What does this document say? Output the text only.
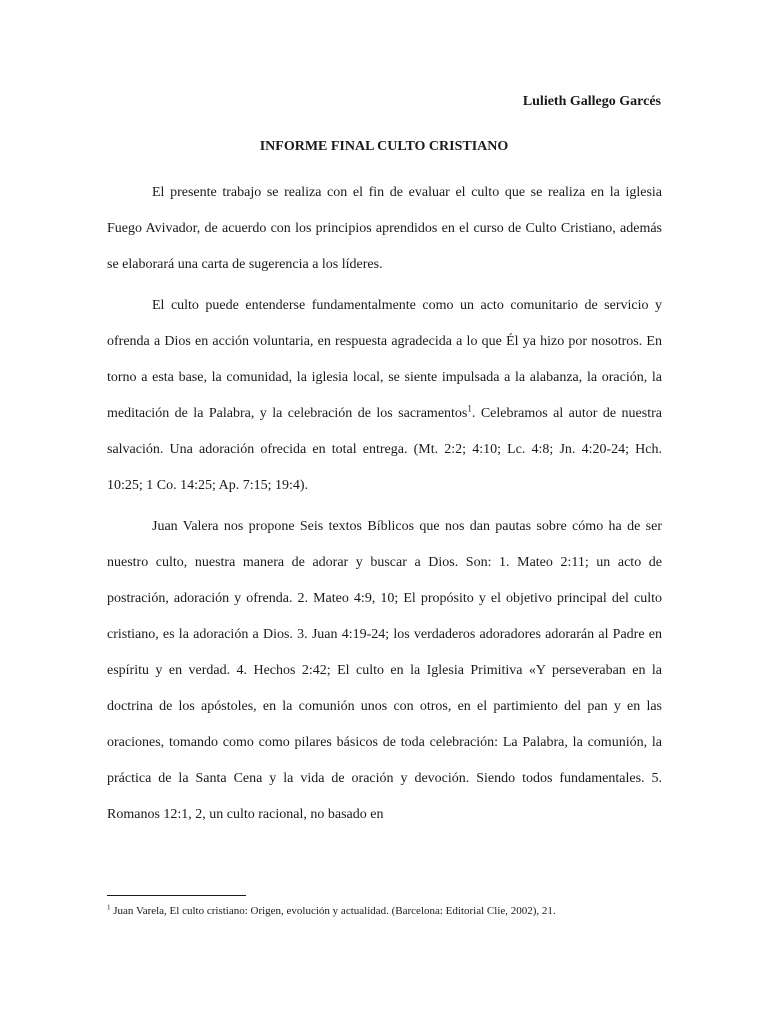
Lulieth Gallego Garcés
INFORME FINAL CULTO CRISTIANO

El presente trabajo se realiza con el fin de evaluar el culto que se realiza en la iglesia Fuego Avivador, de acuerdo con los principios aprendidos en el curso de Culto Cristiano, además se elaborará una carta de sugerencia a los líderes.

El culto puede entenderse fundamentalmente como un acto comunitario de servicio y ofrenda a Dios en acción voluntaria, en respuesta agradecida a lo que Él ya hizo por nosotros. En torno a esta base, la comunidad, la iglesia local, se siente impulsada a la alabanza, la oración, la meditación de la Palabra, y la celebración de los sacramentos$^1$. Celebramos al autor de nuestra salvación. Una adoración ofrecida en total entrega. (Mt. 2:2; 4:10; Lc. 4:8; Jn. 4:20-24; Hch. 10:25; 1 Co. 14:25; Ap. 7:15; 19:4).

Juan Valera nos propone Seis textos Bíblicos que nos dan pautas sobre cómo ha de ser nuestro culto, nuestra manera de adorar y buscar a Dios. Son: 1. Mateo 2:11; un acto de postración, adoración y ofrenda. 2. Mateo 4:9, 10; El propósito y el objetivo principal del culto cristiano, es la adoración a Dios. 3. Juan 4:19-24; los verdaderos adoradores adorarán al Padre en espíritu y en verdad. 4. Hechos 2:42; El culto en la Iglesia Primitiva «Y perseveraban en la doctrina de los apóstoles, en la comunión unos con otros, en el partimiento del pan y en las oraciones, tomando como como pilares básicos de toda celebración: La Palabra, la comunión, la práctica de la Santa Cena y la vida de oración y devoción. Siendo todos fundamentales. 5. Romanos 12:1, 2, un culto racional, no basado en

$^1$ Juan Varela, El culto cristiano: Origen, evolución y actualidad. (Barcelona: Editorial Clie, 2002), 21.
